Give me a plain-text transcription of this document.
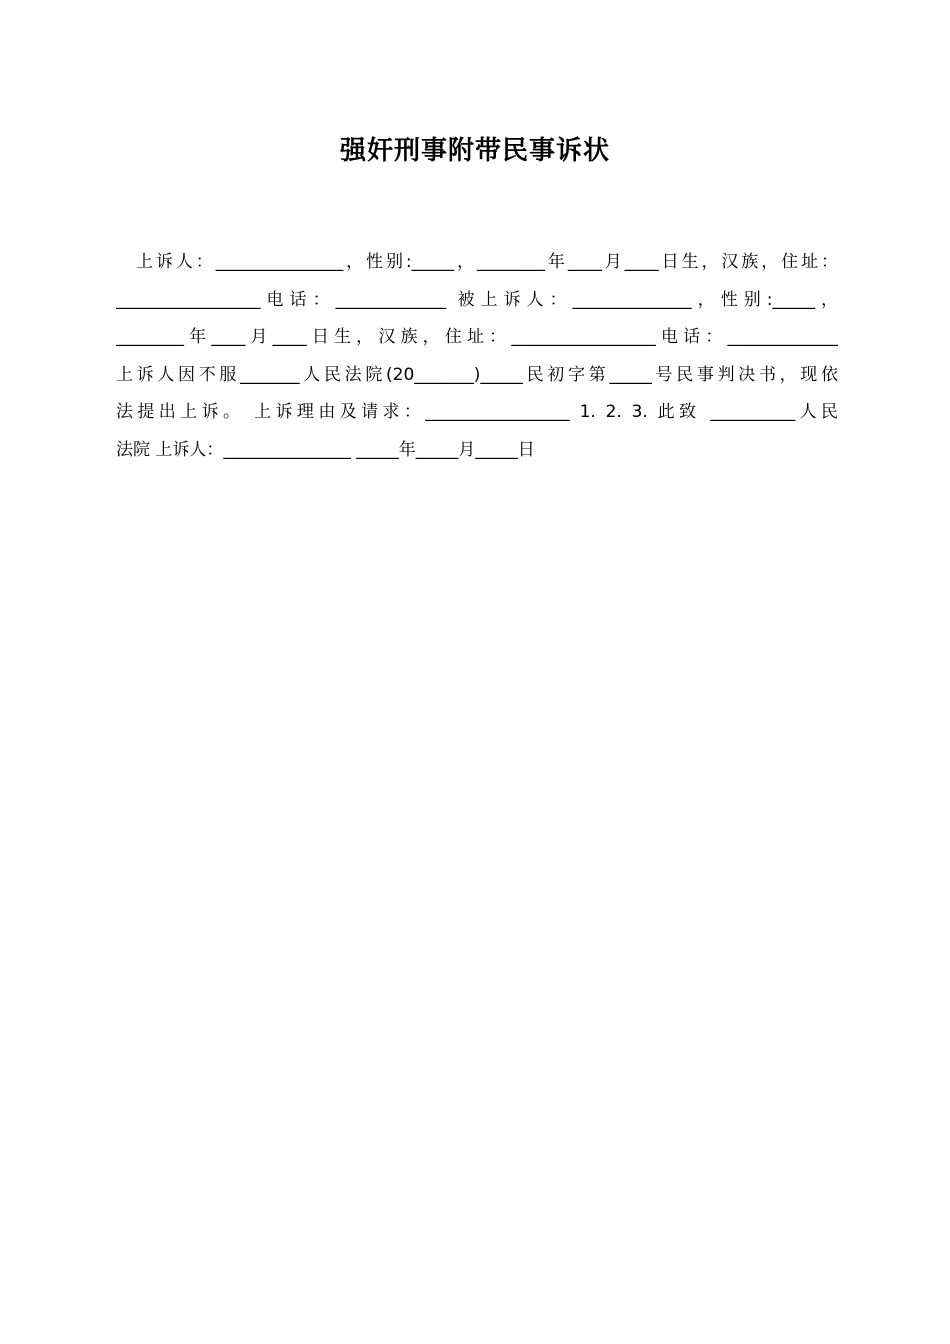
强奸刑事附带民事诉状
上诉人：_______________，性别:_____，________年____月____日生，汉族，住址：
_________________电话：_____________ 被上诉人：______________，性别:_____，
________年____月____日生，汉族，住址：_________________电话：_____________
上诉人因不服_______人民法院(20_______)_____民初字第_____号民事判决书，现依
法提出上诉。 上诉理由及请求：_________________ 1. 2. 3. 此致 __________人民
法院 上诉人：_______________ _____年_____月_____日
